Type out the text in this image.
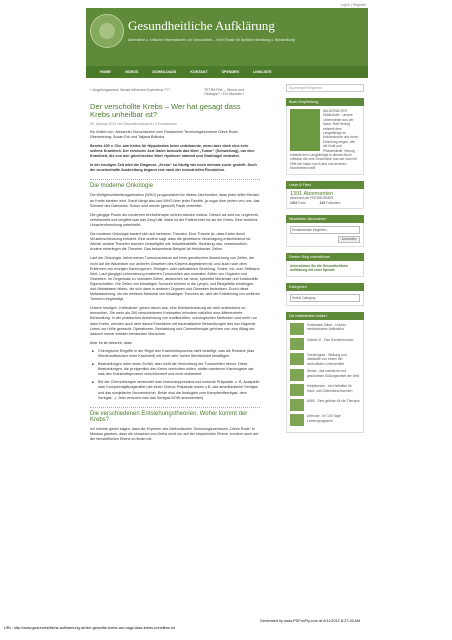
Log in | Register
Gesundheitliche Aufklärung
Alternative u. kritische Informationen zur Gesundheit. – Kein Ersatz für ärztliche Beratung u. Behandlung!
HOME	VIDEOS	DOWNLOADS	KONTAKT	SPENDEN	LINKLISTE
« Angeborgasmus: Neues Influenza Supervirus ???	TETRA PAK – Sterne und Ökologie? / Ein Skandal »
Der verschollte Krebs – Wer hat gesagt dass Krebs unheilbar ist?
30. January 2012 von Gesundheitsexpert | 4 Kommentare
Ein Artikel von: Alexander Dorochkevich vom Russischen Technologiezentrum Dieve Rode; Übersetzung: Susan Erk und Tatjana Bolkoka
Bereits 400 v. Chr. war Krebs für Hippokrates keine unbekannte, wenn aber doch eine sehr seltene Krankheit. Der römische Arzt Galen benutzte das Wort „Tumor“ (Schwellung), um eine Krankheit, die von den griechischen Wort »tymbos« stammt und Grabhügel bedeutet.
In der heutigen Zeit wird die Diagnose „Krebs“ so häufig wie noch niemals zuvor gestellt. Doch die seuchenhafte Ausbreitung begann erst nach der industriellen Revolution.
Die moderne Onkologie
Die Weltgesundheitsorganisation (WHO) prognostiziert für dieses Jahrhundert, dass jeder dritte Mensch an Krebs sterben wird. Somit hängt also laut WHO über jeder Familie, ja sogar über jedem von uns, das Schwert des Damokles. Schon wird wieder (gewollt) Panik verbreitet.
Die gängige Praxis der modernen Krebstherapie scheint absolut nutzlos. Dieses wa wird nur ungerecht, verstümmelt und vergiftet was das Zeug hält. Meist ist der Patient eher tot als der Krebs. Eine wirkliche Ursachenforschung unterbleibt.
Die moderne Onkologie basiert sich auf mehreren Theorien. Eine Theorie ist, dass Krebs durch Viruseinschleusung entsteht. Eine andere sagt, dass die genetische Veranlagung entscheidend ist. Wieder andere Theorien machen Umweltgifte wie Industrieabfälle, Strahlung usw. verantwortlich. Andere widerlegen die Theorien. Das bekannteste Beispiel ist Heliobacter, Zellen.
Laut der Onkologie, beherrschen Tumorwachstum auf einer genetischen Abweichung von Zellen, die nicht auf die Wachstum von anderen Geweben des Körpers abgestimmt ist, und auch nach dem Entfernen von einzigen Karzinogenen, Röntgen- oder radioaktiven Strahlung, Toxine, etc. zum Stillstand führt. Laut gängiger Lehrmeinung entstehen Tumorzellen aus normalen Zellen von Organen und Geweben. Im Gegensatz zu normalen Zellen, abweichen sie neue, spezielle Merkmale und funktionelle Eigenschaften. Die Zellen von bösartigen Tumoren können in die Lymph- und Blutgefäße eindringen, dort Metastasen bilden, die sich dann in anderen Organen und Geweben festsetzen. Durch diese Metastasierung, die ein weiteres Merkmal von bösartigen Tumoren ist, wird die Entstehung von weiteren Tumoren begünstigt.
Unsere heutigen „Krebsärzte“ gehen davon aus, eine Krebserkrankung als nicht ansteckend zu betrachten. Sie mehr als 200 verschiedenen Krebsarten erfordern natürlich eine differenzierte Behandlung. In der praktischen Anwendung von traditionellen, onkologischen Methoden wird mehr nur dann Krebs, wenden auch dem darauf Entwicklen mit traumatischen Behandlungen des nun folgende Leben zur Hölle gemacht: Operationen, Bestrahlung und Chemotherapie gehören nun zum Alltag der dadurch immer kränker werdenden Menschen.
Aber es ist bekannt, dass:
■ Chirurgische Eingriffe in der Regel den Krankheitsprozess nicht beseitigt, was die Rezidive (das Wiederaufbrechen einer Krankheit) mit einer sehr hohen Sterblichkeit bestätigen.
■ Bestrahlungen rufen einen Zerfall, aber nicht die Vernichtung der Tumorzellen hervor. Diese Bestrahlungen, die ja eigentlich den Krebs vernichten sollen, stellen wiederum Karzinogene dar, was den Krankheitsprozess verschlimmert und nicht verbessert.
■ Bei der Chemotherapie verwendet man Immunsuppressiva und toxische Präparate, z. B. Azaspirite oder Komplexnigiftungsmittel (die einen Chemo-Präparate waren z.B. das amerikanische Senfgas und das sowjetische Novoembichin. Beide sind die Analogien zum Kampfstoffsenfgas, dem Senfgas...). Jetzt versucht man das Senfgas BOW anzuwenden)
Die verschiedenen Entstehungstheorien. Woher kommt der Krebs?
Ich möchte gleich sagen, dass die Experten des Methodischen Technologiezentrums „Dieve Rode“ in Moskau glauben, dass die Ursachen von Krebs nicht nur auf der körperlichen Ebene, sondern auch auf der feinstofflichen Ebene zu finden ist.
Suchbegriff eingeben
Buch-Empfehlung
WILDKRÄUTER
Wildkräuter - unsere Lebensretter aus der Natur. Ralf Hennig entstellt dem Langeliebige im Kräuterkunde und durch Erfahrung zeigen, wie die Kraft und Pflanzenkraft. Hennig entstellt dem Langeliebige in diesem Buch erlebbar die eine Geschichte und wie man mit Hilfe der Natur von Krebs und anderen Krankheiten heilt!
Leser & Fans
1391 Abonnenten
abonniert per FEEDBURNER
1001 Fans	415 Followers
Newsletter abonnieren
Emailadresse eingeben:
Anmelden
Diesen Blog unterstützen
Unterstützen Sie die Gesundheitliche Aufklärung mit einer Spende
Kategorien
Select Category
Die beliebtesten Artikel
Kolloidales Silber - Urzeitu medizinisches Antibiotika
Vitamin D - Das Sonnenhormon
Gerstengras - Wirkung und vitalstoffe von einem der wertvollsten Lebensmittel
Stevia - das natürliche und gesündeste Süßungsmittel der Welt
Heilpflanzen - ein Heilmittel für Haut- und Gelenkbeschwerden
MMS - Eine gelöste für die Therapie
Arthrose - Ihr 100 Tage Lebensprogramm
Generated by www.PDFonFly.com at 6/11/2012 8:27:26 AM
URL: http://www.gesundheitliche-aufklaerung.de/der-gewollte-krebs-wer-sagt-dass-krebs-unheilbar-ist
